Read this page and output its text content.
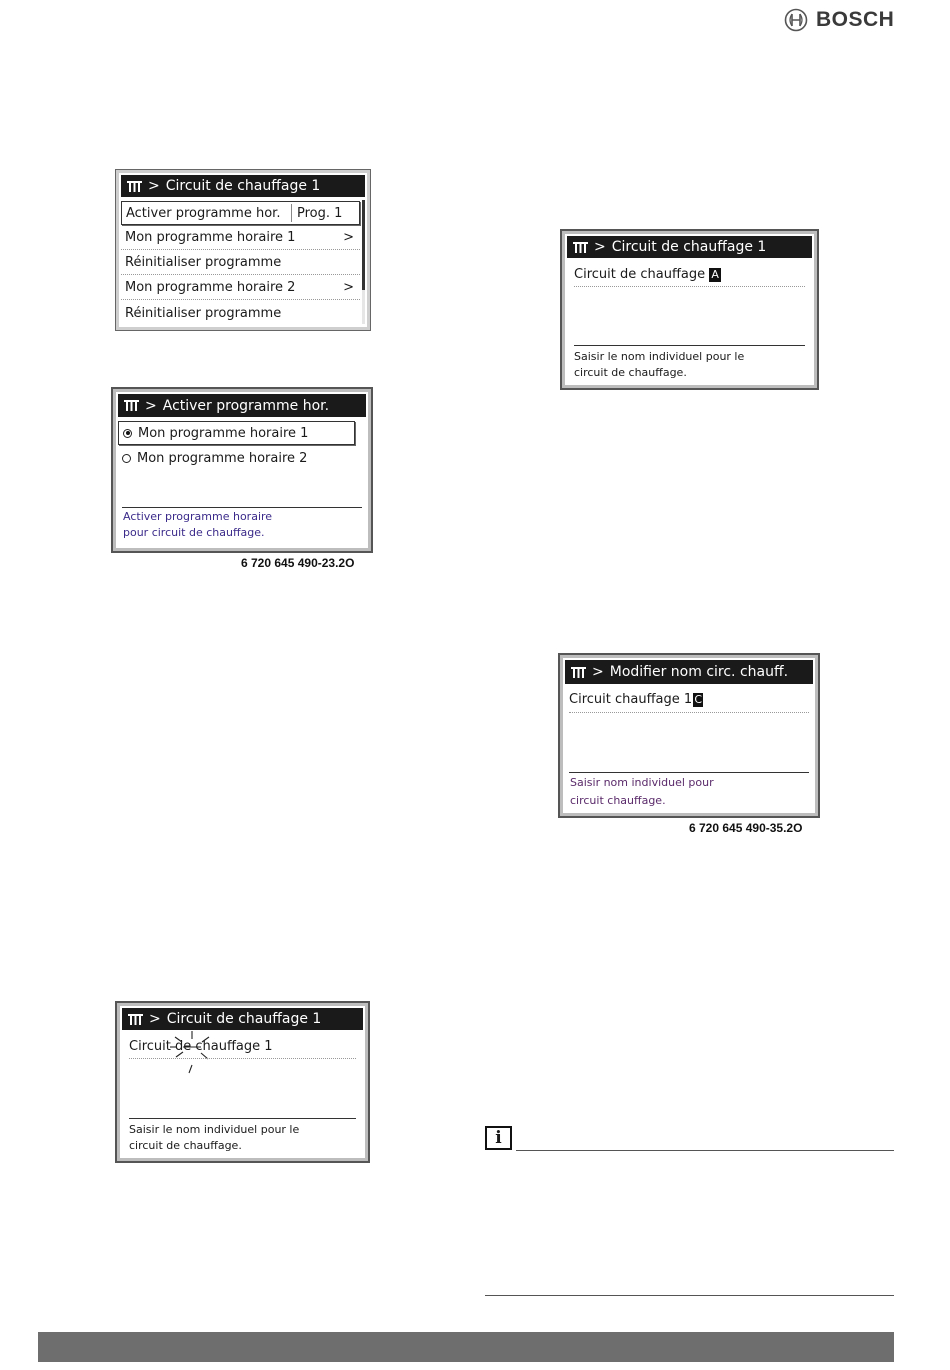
BOSCH
> Circuit de chauffage 1
Activer programme hor.	Prog. 1
Mon programme horaire 1	>
Réinitialiser programme
Mon programme horaire 2	>
Réinitialiser programme
> Activer programme hor.
Mon programme horaire 1
Mon programme horaire 2
Activer programme horaire
pour circuit de chauffage.
6 720 645 490-23.2O
> Circuit de chauffage 1
Circuit de chauffage 1
Saisir le nom individuel pour le
circuit de chauffage.
> Circuit de chauffage 1
Circuit de chauffage A
Saisir le nom individuel pour le
circuit de chauffage.
> Modifier nom circ. chauff.
Circuit chauffage 1 C
Saisir nom individuel pour
circuit chauffage.
6 720 645 490-35.2O
i
